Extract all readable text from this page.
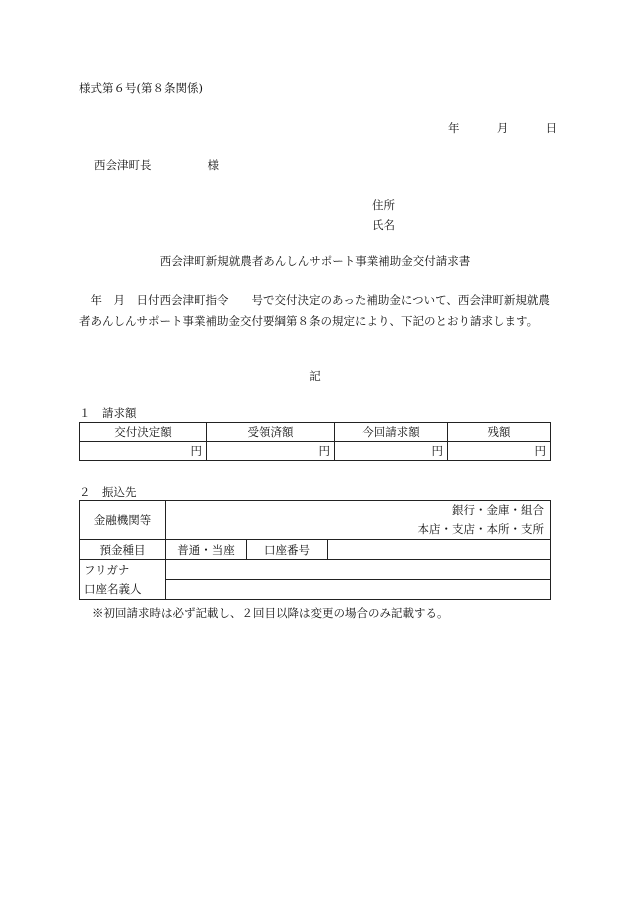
様式第６号(第８条関係)
年	月	日
西会津町長	様
住所
氏名
西会津町新規就農者あんしんサポート事業補助金交付請求書
　年　月　日付西会津町指令　　号で交付決定のあった補助金について、西会津町新規就農者あんしんサポート事業補助金交付要綱第８条の規定により、下記のとおり請求します。
記
１　請求額
交付決定額	受領済額	今回請求額	残額
円	円	円	円
２　振込先
金融機関等	銀行・金庫・組合
本店・支店・本所・支所		

預金種目	普通・当座	口座番号	
フリガナ			
口座名義人			
※初回請求時は必ず記載し、２回目以降は変更の場合のみ記載する。
